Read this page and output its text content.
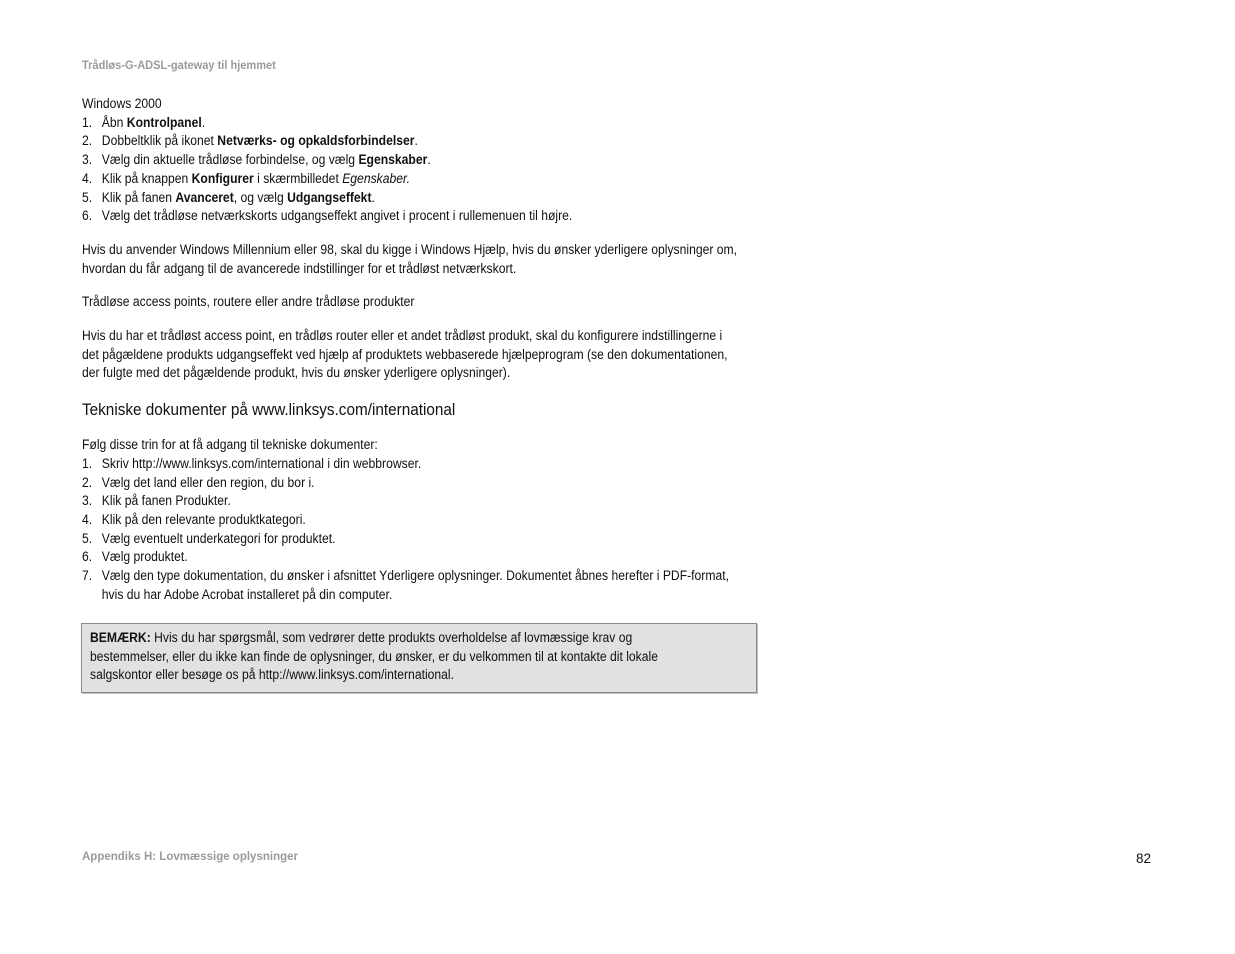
Trådløs-G-ADSL-gateway til hjemmet

Windows 2000

1. Åbn Kontrolpanel.
2. Dobbeltklik på ikonet Netværks- og opkaldsforbindelser.
3. Vælg din aktuelle trådløse forbindelse, og vælg Egenskaber.
4. Klik på knappen Konfigurer i skærmbilledet Egenskaber.
5. Klik på fanen Avanceret, og vælg Udgangseffekt.
6. Vælg det trådløse netværkskorts udgangseffekt angivet i procent i rullemenuen til højre.

Hvis du anvender Windows Millennium eller 98, skal du kigge i Windows Hjælp, hvis du ønsker yderligere oplysninger om,
hvordan du får adgang til de avancerede indstillinger for et trådløst netværkskort.

Trådløse access points, routere eller andre trådløse produkter

Hvis du har et trådløst access point, en trådløs router eller et andet trådløst produkt, skal du konfigurere indstillingerne i
det pågældene produkts udgangseffekt ved hjælp af produktets webbaserede hjælpeprogram (se den dokumentationen,
der fulgte med det pågældende produkt, hvis du ønsker yderligere oplysninger).

Tekniske dokumenter på www.linksys.com/international

Følg disse trin for at få adgang til tekniske dokumenter:

1. Skriv http://www.linksys.com/international i din webbrowser.
2. Vælg det land eller den region, du bor i.
3. Klik på fanen Produkter.
4. Klik på den relevante produktkategori.
5. Vælg eventuelt underkategori for produktet.
6. Vælg produktet.
7. Vælg den type dokumentation, du ønsker i afsnittet Yderligere oplysninger. Dokumentet åbnes herefter i PDF-format,
hvis du har Adobe Acrobat installeret på din computer.
BEMÆRK: Hvis du har spørgsmål, som vedrører dette produkts overholdelse af lovmæssige krav og
bestemmelser, eller du ikke kan finde de oplysninger, du ønsker, er du velkommen til at kontakte dit lokale
salgskontor eller besøge os på http://www.linksys.com/international.
Appendiks H: Lovmæssige oplysninger	82
